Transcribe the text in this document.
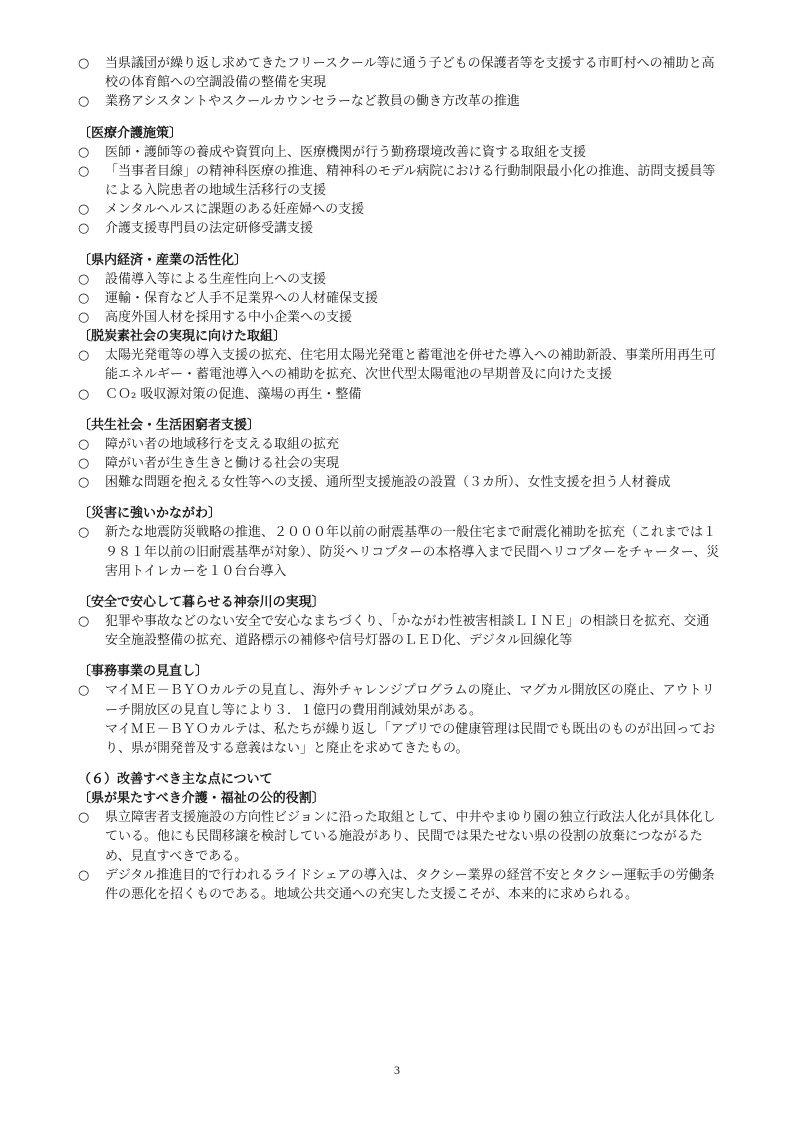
○	当県議団が繰り返し求めてきたフリースクール等に通う子どもの保護者等を支援する市町村への補助と高校の体育館への空調設備の整備を実現
○	業務アシスタントやスクールカウンセラーなど教員の働き方改革の推進
〔医療介護施策〕
○	医師・護師等の養成や資質向上、医療機関が行う勤務環境改善に資する取組を支援
○	「当事者目線」の精神科医療の推進、精神科のモデル病院における行動制限最小化の推進、訪問支援員等による入院患者の地域生活移行の支援
○	メンタルヘルスに課題のある妊産婦への支援
○	介護支援専門員の法定研修受講支援
〔県内経済・産業の活性化〕
○	設備導入等による生産性向上への支援
○	運輸・保育など人手不足業界への人材確保支援
○	高度外国人材を採用する中小企業への支援
〔脱炭素社会の実現に向けた取組〕
○	太陽光発電等の導入支援の拡充、住宅用太陽光発電と蓄電池を併せた導入への補助新設、事業所用再生可能エネルギー・蓄電池導入への補助を拡充、次世代型太陽電池の早期普及に向けた支援
○	ＣＯ₂ 吸収源対策の促進、藻場の再生・整備
〔共生社会・生活困窮者支援〕
○	障がい者の地域移行を支える取組の拡充
○	障がい者が生き生きと働ける社会の実現
○	困難な問題を抱える女性等への支援、通所型支援施設の設置（３カ所）、女性支援を担う人材養成
〔災害に強いかながわ〕
○	新たな地震防災戦略の推進、２０００年以前の耐震基準の一般住宅まで耐震化補助を拡充（これまでは１９８１年以前の旧耐震基準が対象）、防災ヘリコプターの本格導入まで民間ヘリコプターをチャーター、災害用トイレカーを１０台台導入
〔安全で安心して暮らせる神奈川の実現〕
○	犯罪や事故などのない安全で安心なまちづくり、「かながわ性被害相談ＬＩＮＥ」の相談日を拡充、交通安全施設整備の拡充、道路標示の補修や信号灯器のＬＥＤ化、デジタル回線化等
〔事務事業の見直し〕
○	マイＭＥ－ＢＹＯカルテの見直し、海外チャレンジプログラムの廃止、マグカル開放区の廃止、アウトリーチ開放区の見直し等により３．１億円の費用削減効果がある。
マイＭＥ－ＢＹＯカルテは、私たちが繰り返し「アプリでの健康管理は民間でも既出のものが出回っており、県が開発普及する意義はない」と廃止を求めてきたもの。
（６）改善すべき主な点について
〔県が果たすべき介護・福祉の公的役割〕
○	県立障害者支援施設の方向性ビジョンに沿った取組として、中井やまゆり園の独立行政法人化が具体化している。他にも民間移譲を検討している施設があり、民間では果たせない県の役割の放棄につながるため、見直すべきである。
○	デジタル推進目的で行われるライドシェアの導入は、タクシー業界の経営不安とタクシー運転手の労働条件の悪化を招くものである。地域公共交通への充実した支援こそが、本来的に求められる。
3
